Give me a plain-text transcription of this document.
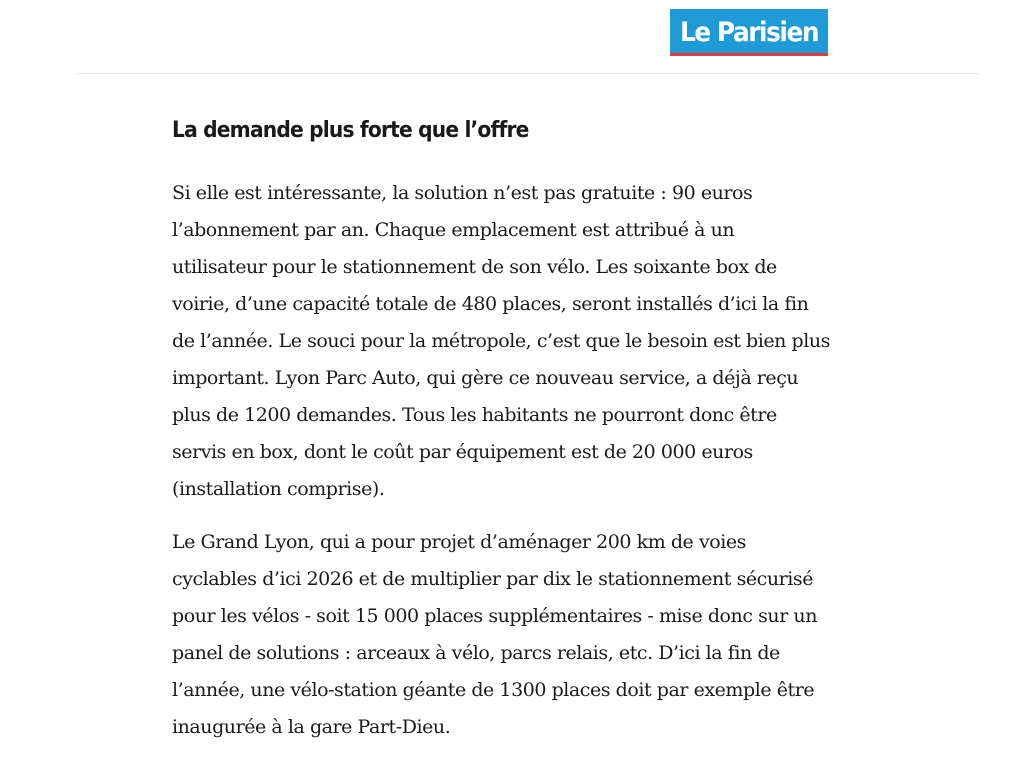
Le Parisien
La demande plus forte que l’offre

Si elle est intéressante, la solution n’est pas gratuite : 90 euros
l’abonnement par an. Chaque emplacement est attribué à un
utilisateur pour le stationnement de son vélo. Les soixante box de
voirie, d’une capacité totale de 480 places, seront installés d’ici la fin
de l’année. Le souci pour la métropole, c’est que le besoin est bien plus
important. Lyon Parc Auto, qui gère ce nouveau service, a déjà reçu
plus de 1200 demandes. Tous les habitants ne pourront donc être
servis en box, dont le coût par équipement est de 20 000 euros
(installation comprise).

Le Grand Lyon, qui a pour projet d’aménager 200 km de voies
cyclables d’ici 2026 et de multiplier par dix le stationnement sécurisé
pour les vélos - soit 15 000 places supplémentaires - mise donc sur un
panel de solutions : arceaux à vélo, parcs relais, etc. D’ici la fin de
l’année, une vélo-station géante de 1300 places doit par exemple être
inaugurée à la gare Part-Dieu.
